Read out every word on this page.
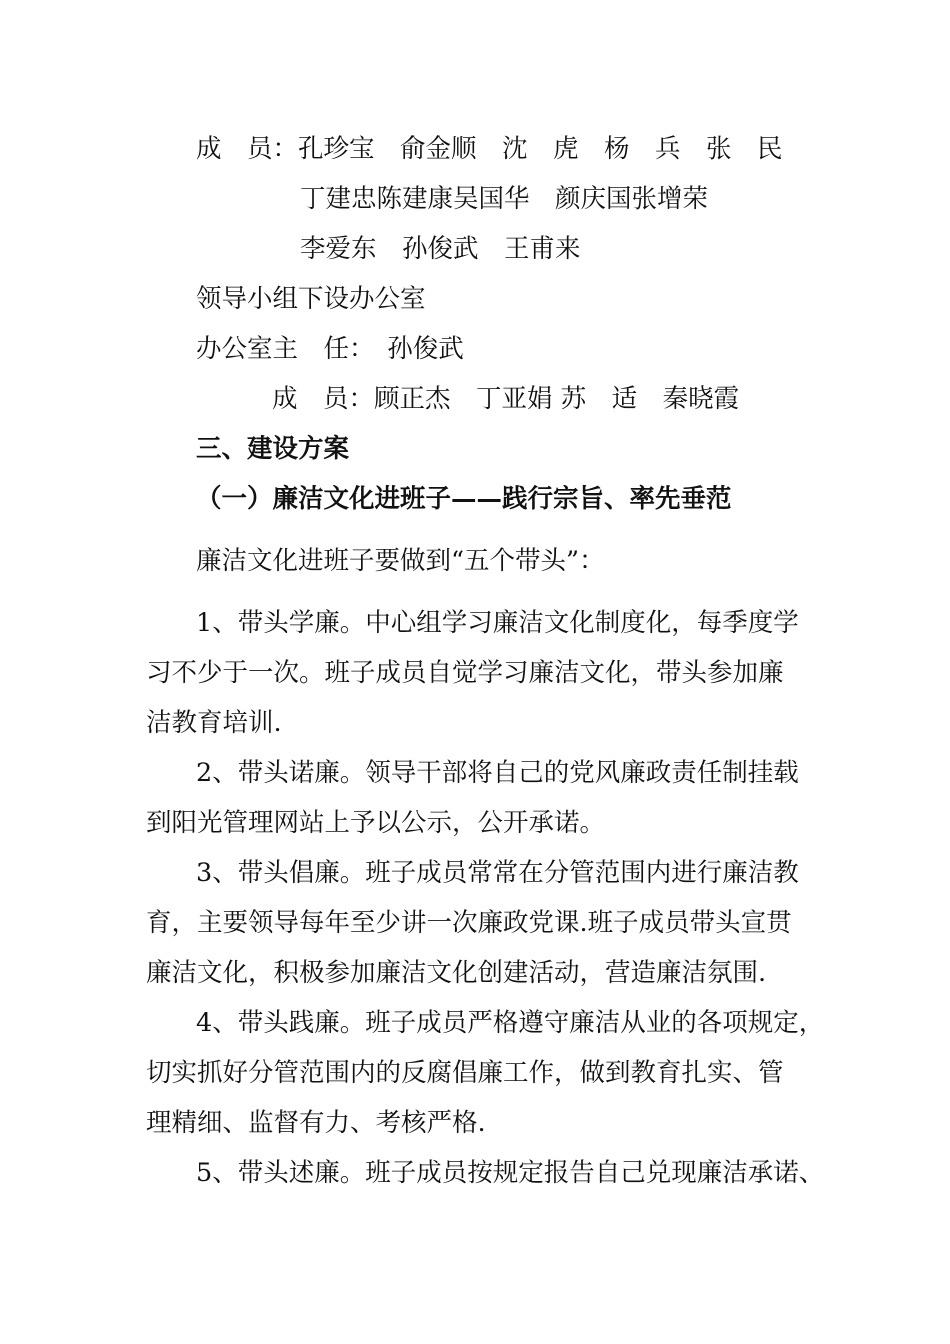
成　员：孔珍宝　俞金顺　沈　虎　杨　兵　张　民
丁建忠陈建康吴国华　颜庆国张增荣
李爱东　孙俊武　王甫来
领导小组下设办公室
办公室主　任：　孙俊武
成　员：顾正杰　丁亚娟 苏　适　秦晓霞
三、建设方案
（一）廉洁文化进班子——践行宗旨、率先垂范
廉洁文化进班子要做到“五个带头”：
1、带头学廉。中心组学习廉洁文化制度化，每季度学
习不少于一次。班子成员自觉学习廉洁文化，带头参加廉
洁教育培训.
2、带头诺廉。领导干部将自己的党风廉政责任制挂载
到阳光管理网站上予以公示，公开承诺。
3、带头倡廉。班子成员常常在分管范围内进行廉洁教
育，主要领导每年至少讲一次廉政党课.班子成员带头宣贯
廉洁文化，积极参加廉洁文化创建活动，营造廉洁氛围.
4、带头践廉。班子成员严格遵守廉洁从业的各项规定，
切实抓好分管范围内的反腐倡廉工作，做到教育扎实、管
理精细、监督有力、考核严格.
5、带头述廉。班子成员按规定报告自己兑现廉洁承诺、
